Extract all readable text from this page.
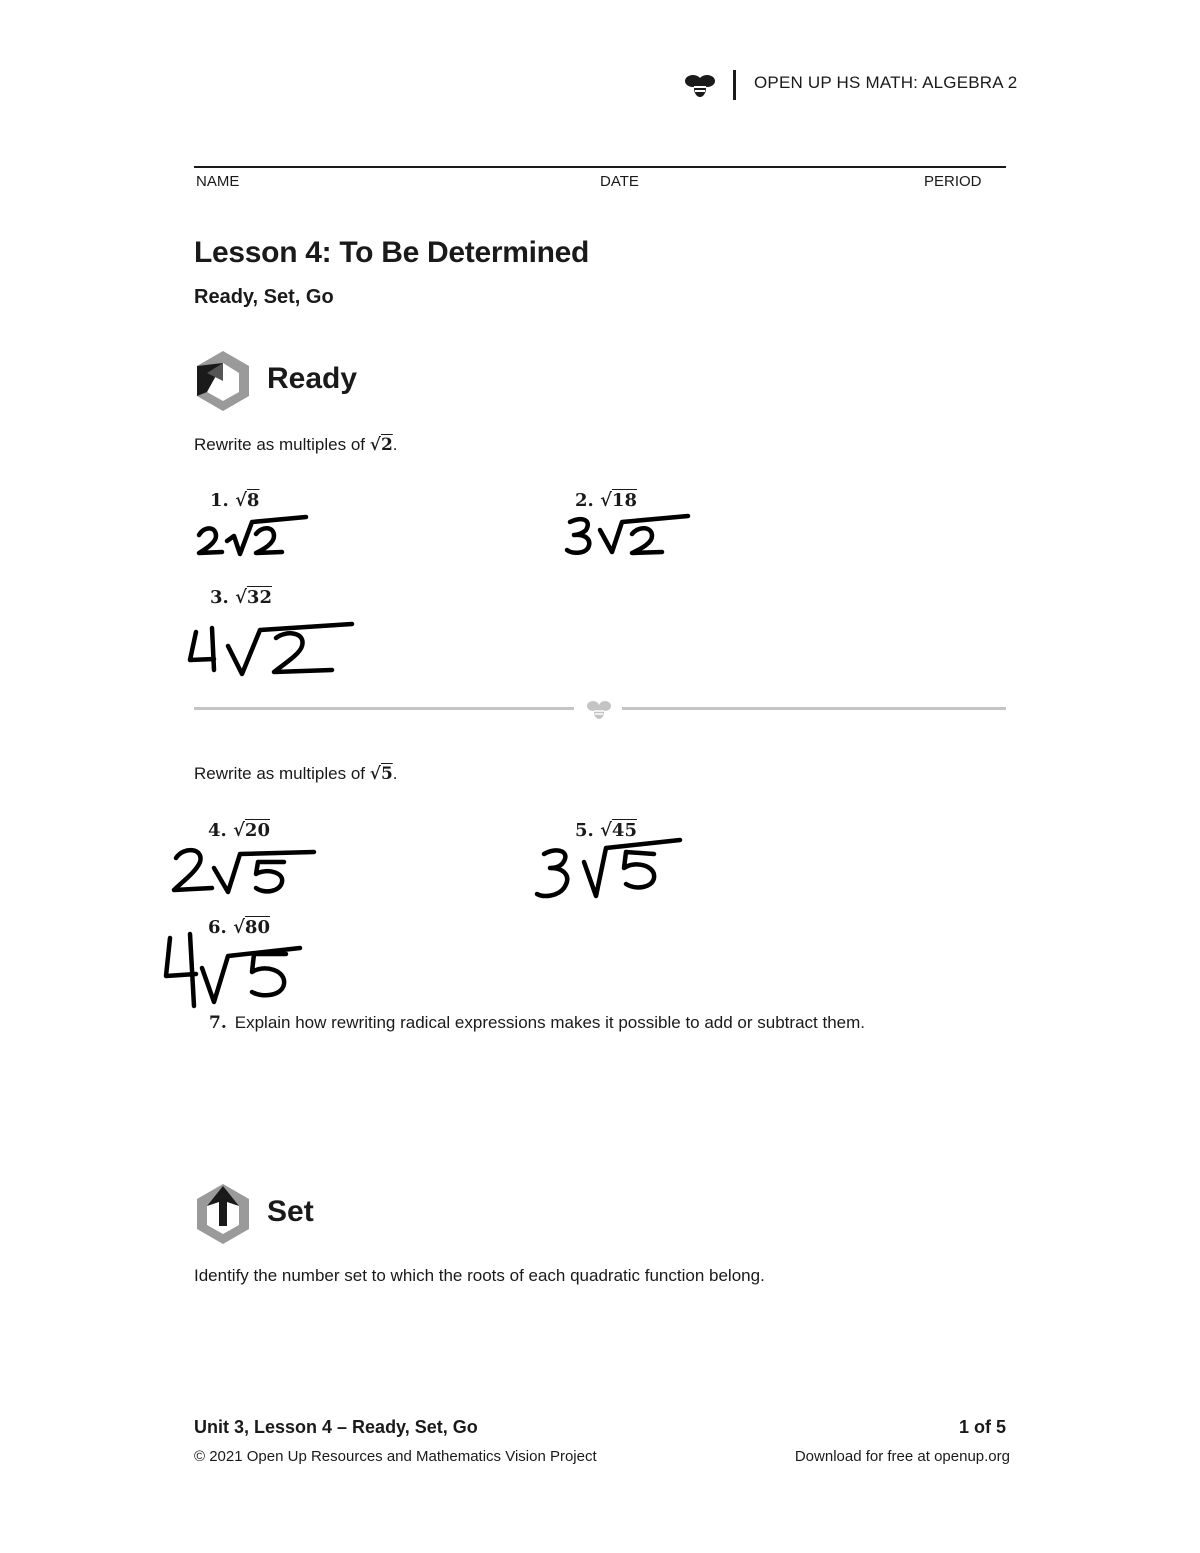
OPEN UP HS MATH: ALGEBRA 2
NAME	DATE	PERIOD
Lesson 4: To Be Determined
Ready, Set, Go
Ready
Rewrite as multiples of √2.
1. √8	2. √18
3. √32
Rewrite as multiples of √5.
4. √20	5. √45
6. √80
7. Explain how rewriting radical expressions makes it possible to add or subtract them.
Set
Identify the number set to which the roots of each quadratic function belong.
Unit 3, Lesson 4 – Ready, Set, Go	1 of 5
© 2021 Open Up Resources and Mathematics Vision Project	Download for free at openup.org
